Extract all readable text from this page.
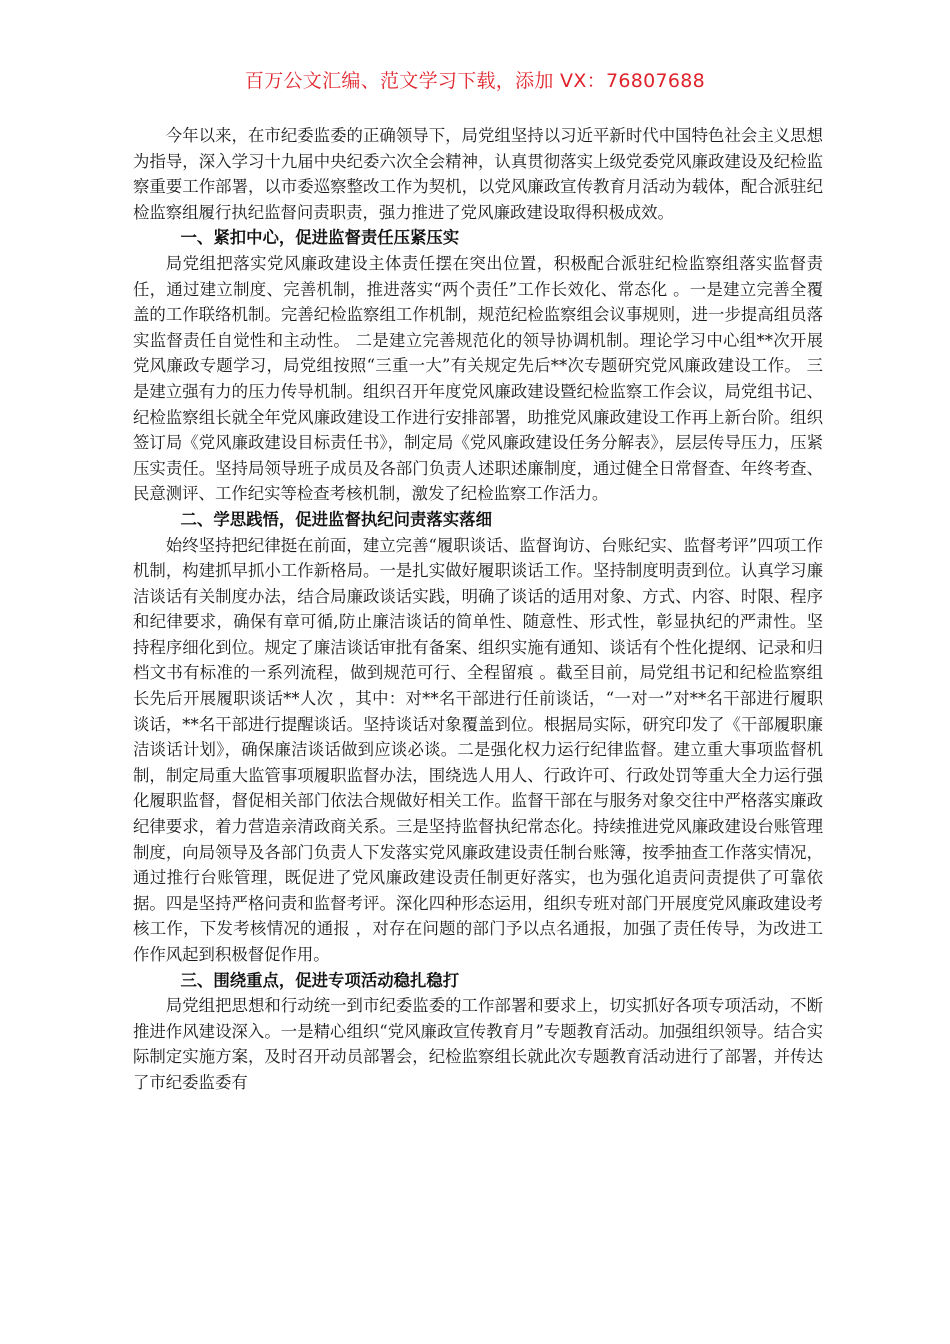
百万公文汇编、范文学习下载，添加 VX：76807688

今年以来，在市纪委监委的正确领导下，局党组坚持以习近平新时代中国特色社会主义思想为指导，深入学习十九届中央纪委六次全会精神，认真贯彻落实上级党委党风廉政建设及纪检监察重要工作部署，以市委巡察整改工作为契机，以党风廉政宣传教育月活动为载体，配合派驻纪检监察组履行执纪监督问责职责，强力推进了党风廉政建设取得积极成效。

一、紧扣中心，促进监督责任压紧压实

局党组把落实党风廉政建设主体责任摆在突出位置，积极配合派驻纪检监察组落实监督责任，通过建立制度、完善机制，推进落实“两个责任”工作长效化、常态化 。一是建立完善全覆盖的工作联络机制。完善纪检监察组工作机制，规范纪检监察组会议事规则，进一步提高组员落实监督责任自觉性和主动性。 二是建立完善规范化的领导协调机制。理论学习中心组**次开展党风廉政专题学习，局党组按照“三重一大”有关规定先后**次专题研究党风廉政建设工作。 三是建立强有力的压力传导机制。组织召开年度党风廉政建设暨纪检监察工作会议，局党组书记、纪检监察组长就全年党风廉政建设工作进行安排部署，助推党风廉政建设工作再上新台阶。组织签订局《党风廉政建设目标责任书》，制定局《党风廉政建设任务分解表》，层层传导压力，压紧压实责任。坚持局领导班子成员及各部门负责人述职述廉制度，通过健全日常督查、年终考查、民意测评、工作纪实等检查考核机制，激发了纪检监察工作活力。

二、学思践悟，促进监督执纪问责落实落细

始终坚持把纪律挺在前面，建立完善“履职谈话、监督询访、台账纪实、监督考评”四项工作机制，构建抓早抓小工作新格局。一是扎实做好履职谈话工作。坚持制度明责到位。认真学习廉洁谈话有关制度办法，结合局廉政谈话实践，明确了谈话的适用对象、方式、内容、时限、程序和纪律要求，确保有章可循,防止廉洁谈话的简单性、随意性、形式性，彰显执纪的严肃性。坚持程序细化到位。规定了廉洁谈话审批有备案、组织实施有通知、谈话有个性化提纲、记录和归档文书有标准的一系列流程，做到规范可行、全程留痕 。截至目前，局党组书记和纪检监察组长先后开展履职谈话**人次 ，其中：对**名干部进行任前谈话，“一对一”对**名干部进行履职谈话，**名干部进行提醒谈话。坚持谈话对象覆盖到位。根据局实际，研究印发了《干部履职廉洁谈话计划》，确保廉洁谈话做到应谈必谈。二是强化权力运行纪律监督。建立重大事项监督机制，制定局重大监管事项履职监督办法，围绕选人用人、行政许可、行政处罚等重大全力运行强化履职监督，督促相关部门依法合规做好相关工作。监督干部在与服务对象交往中严格落实廉政纪律要求，着力营造亲清政商关系。三是坚持监督执纪常态化。持续推进党风廉政建设台账管理制度，向局领导及各部门负责人下发落实党风廉政建设责任制台账簿，按季抽查工作落实情况，通过推行台账管理，既促进了党风廉政建设责任制更好落实，也为强化追责问责提供了可靠依据。四是坚持严格问责和监督考评。深化四种形态运用，组织专班对部门开展度党风廉政建设考核工作，下发考核情况的通报 ，对存在问题的部门予以点名通报，加强了责任传导，为改进工作作风起到积极督促作用。

三、围绕重点，促进专项活动稳扎稳打

局党组把思想和行动统一到市纪委监委的工作部署和要求上，切实抓好各项专项活动，不断推进作风建设深入。一是精心组织“党风廉政宣传教育月”专题教育活动。加强组织领导。结合实际制定实施方案，及时召开动员部署会，纪检监察组长就此次专题教育活动进行了部署，并传达了市纪委监委有
